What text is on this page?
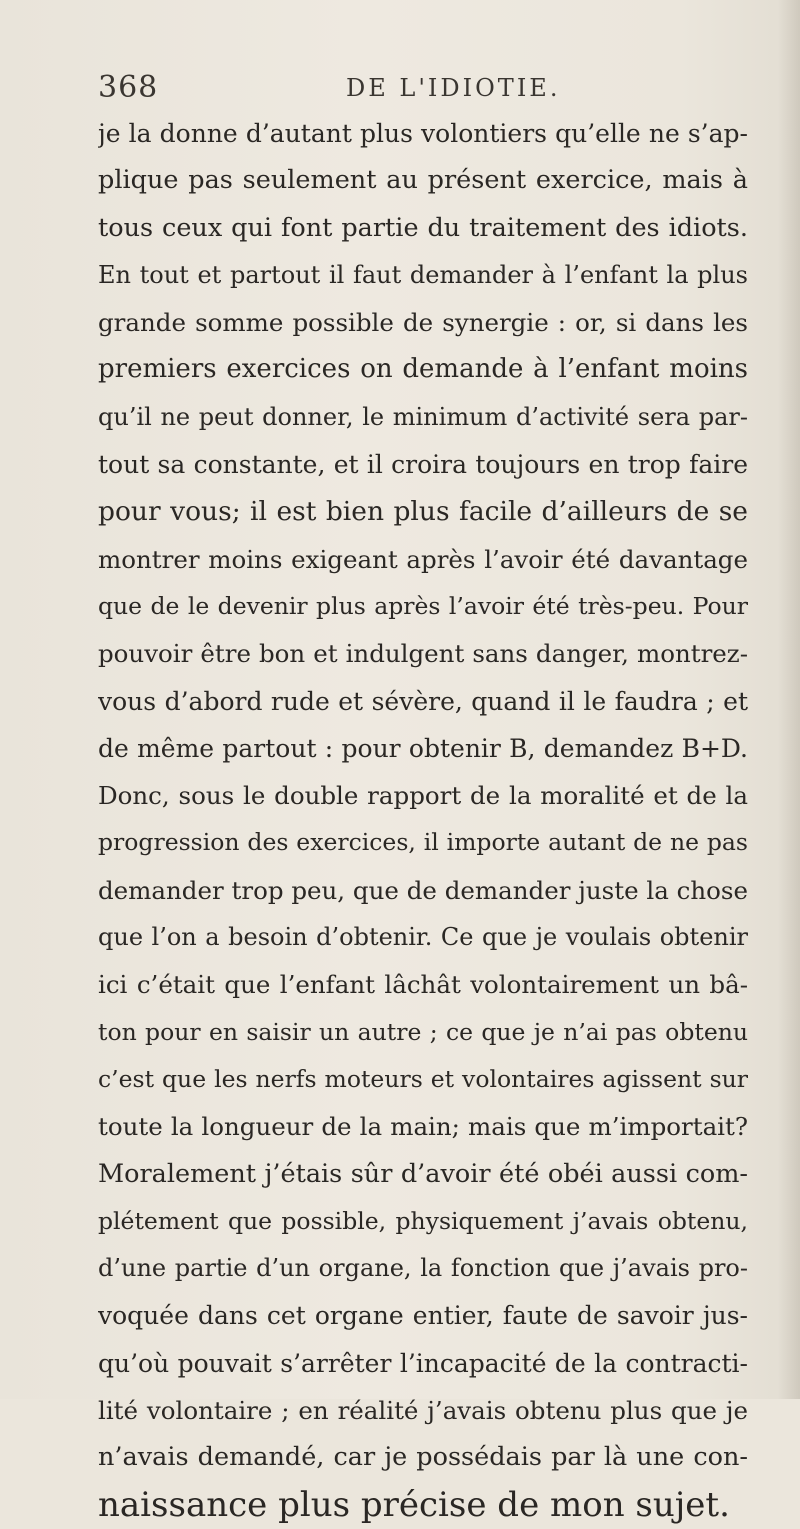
368	DE L'IDIOTIE.
je la donne d’autant plus volontiers qu’elle ne s’ap-
plique pas seulement au présent exercice, mais à
tous ceux qui font partie du traitement des idiots.
En tout et partout il faut demander à l’enfant la plus
grande somme possible de synergie : or, si dans les
premiers exercices on demande à l’enfant moins
qu’il ne peut donner, le minimum d’activité sera par-
tout sa constante, et il croira toujours en trop faire
pour vous; il est bien plus facile d’ailleurs de se
montrer moins exigeant après l’avoir été davantage
que de le devenir plus après l’avoir été très-peu. Pour
pouvoir être bon et indulgent sans danger, montrez-
vous d’abord rude et sévère, quand il le faudra ; et
de même partout : pour obtenir B, demandez B+D.
Donc, sous le double rapport de la moralité et de la
progression des exercices, il importe autant de ne pas
demander trop peu, que de demander juste la chose
que l’on a besoin d’obtenir. Ce que je voulais obtenir
ici c’était que l’enfant lâchât volontairement un bâ-
ton pour en saisir un autre ; ce que je n’ai pas obtenu
c’est que les nerfs moteurs et volontaires agissent sur
toute la longueur de la main; mais que m’importait?
Moralement j’étais sûr d’avoir été obéi aussi com-
plétement que possible, physiquement j’avais obtenu,
d’une partie d’un organe, la fonction que j’avais pro-
voquée dans cet organe entier, faute de savoir jus-
qu’où pouvait s’arrêter l’incapacité de la contracti-
lité volontaire ; en réalité j’avais obtenu plus que je
n’avais demandé, car je possédais par là une con-
naissance plus précise de mon sujet.
